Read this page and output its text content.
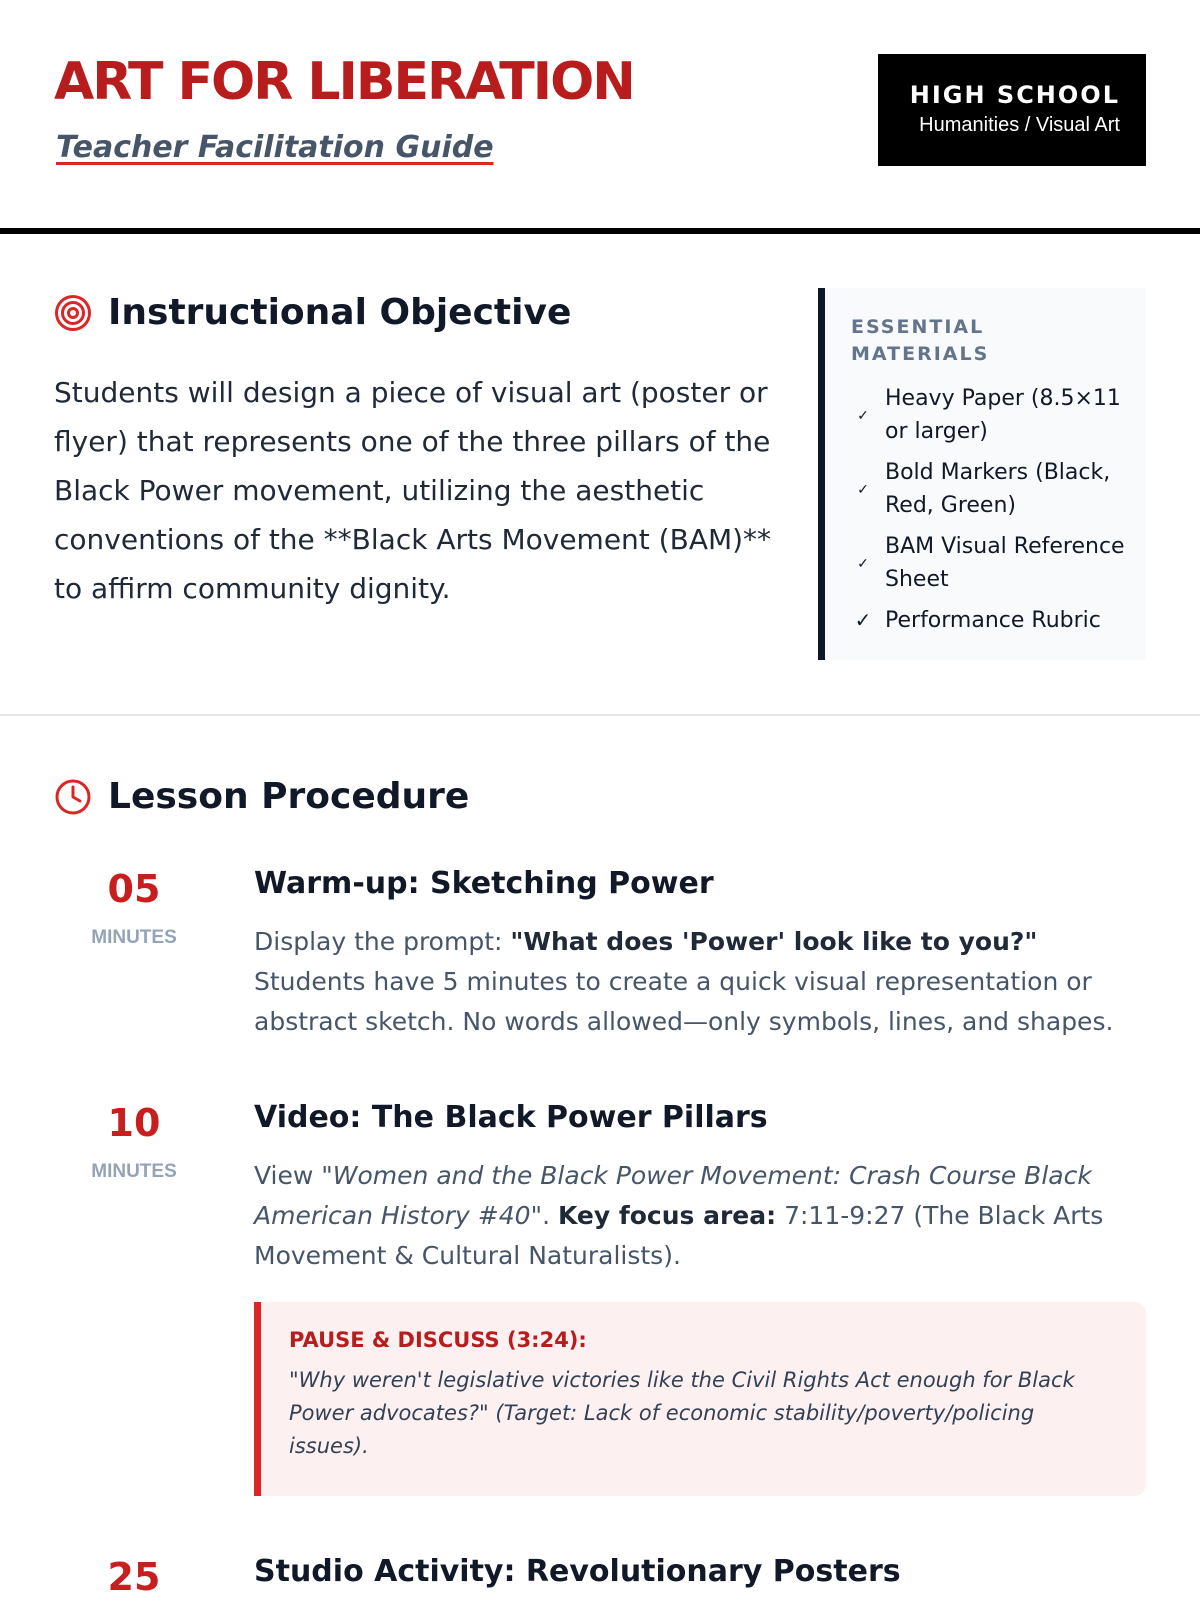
ART FOR LIBERATION
Teacher Facilitation Guide
HIGH SCHOOL
Humanities / Visual Art
Instructional Objective

Students will design a piece of visual art (poster or flyer) that represents one of the three pillars of the Black Power movement, utilizing the aesthetic conventions of the **Black Arts Movement (BAM)** to affirm community dignity.

ESSENTIAL MATERIALS
✓
Heavy Paper (8.5×11 or larger)
✓
Bold Markers (Black, Red, Green)
✓
BAM Visual Reference Sheet
✓ Performance Rubric
Lesson Procedure
05
MINUTES
Warm-up: Sketching Power

Display the prompt: "What does 'Power' look like to you?" Students have 5 minutes to create a quick visual representation or abstract sketch. No words allowed—only symbols, lines, and shapes.

10
MINUTES
Video: The Black Power Pillars

View "Women and the Black Power Movement: Crash Course Black American History #40". Key focus area: 7:11-9:27 (The Black Arts Movement & Cultural Naturalists).

PAUSE & DISCUSS (3:24):
"Why weren't legislative victories like the Civil Rights Act enough for Black Power advocates?" (Target: Lack of economic stability/poverty/policing issues).
25	Studio Activity: Revolutionary Posters
